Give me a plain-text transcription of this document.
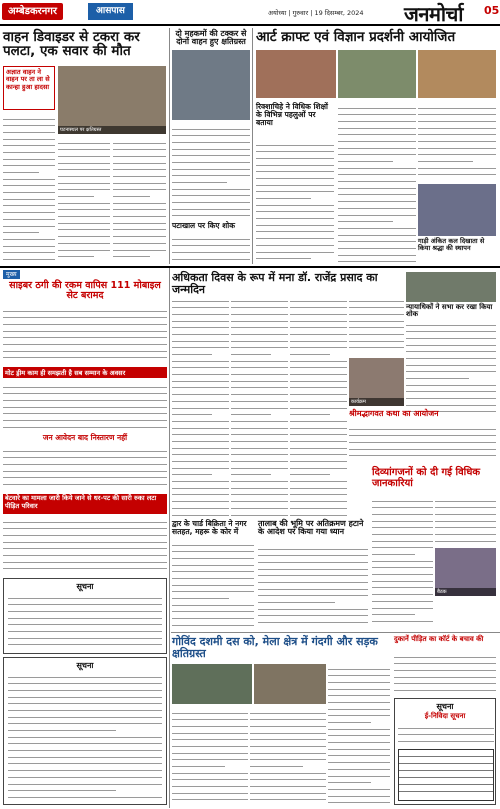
अम्बेडकरनगर	आसपास	अयोध्या | गुरुवार | 19 दिसम्बर, 2024 जनमोर्चा 05
वाहन डिवाइडर से टकरा कर पलटा, एक सवार की मौत
अज्ञात वाहन ने वाहन पर ता ला से कान्हा हुआ हादसा
घटनास्थल पर क्षतिग्रस्त
दो महकमों की टक्कर से दोनों वाहन हुए क्षतिग्रस्त
पटाखाल पर किए शोक
आर्ट क्राफ्ट एवं विज्ञान प्रदर्शनी आयोजित
रिक्शाचिहे ने विधिक शिक्षों के विभिन्न पहलुओं पर बताया
गाड़ी अंकित कल दिखाता से किया श्रद्धा की स्थापन
मुख्य
साइबर ठगी की रकम वापिस 111 मोबाइल सेट बरामद
मोट ड्रीम काम ही समझती है सब सम्मान के अवसर
जन आवेदन बाद निस्तारण नहीं
बेटवारे का मामला जारी किये जाने से धर-पट की सारी रुका लटा पीड़ित परिवार
सूचना
सूचना
अधिकता दिवस के रूप में मना डॉ. राजेंद्र प्रसाद का जन्मदिन
कार्यक्रम
न्यायाधिकों ने सभा कर रखा किया शोक
श्रीमद्भागवत कथा का आयोजन
द्वार के चार्ड बिक्रिता ने नगर सतहत, महरू के कोर में
तालाब की भूमि पर अतिक्रमण हटाने के आदेश पर किया गया ध्यान
दिव्यांगजनों को दी गई विधिक जानकारियां
बैठक
गोविंद दशमी दस को, मेला क्षेत्र में गंदगी और सड़क क्षतिग्रस्त
दुकानें पीड़ित का कॉर्ट के बचाव की
सूचना
ई-निविदा सूचना
